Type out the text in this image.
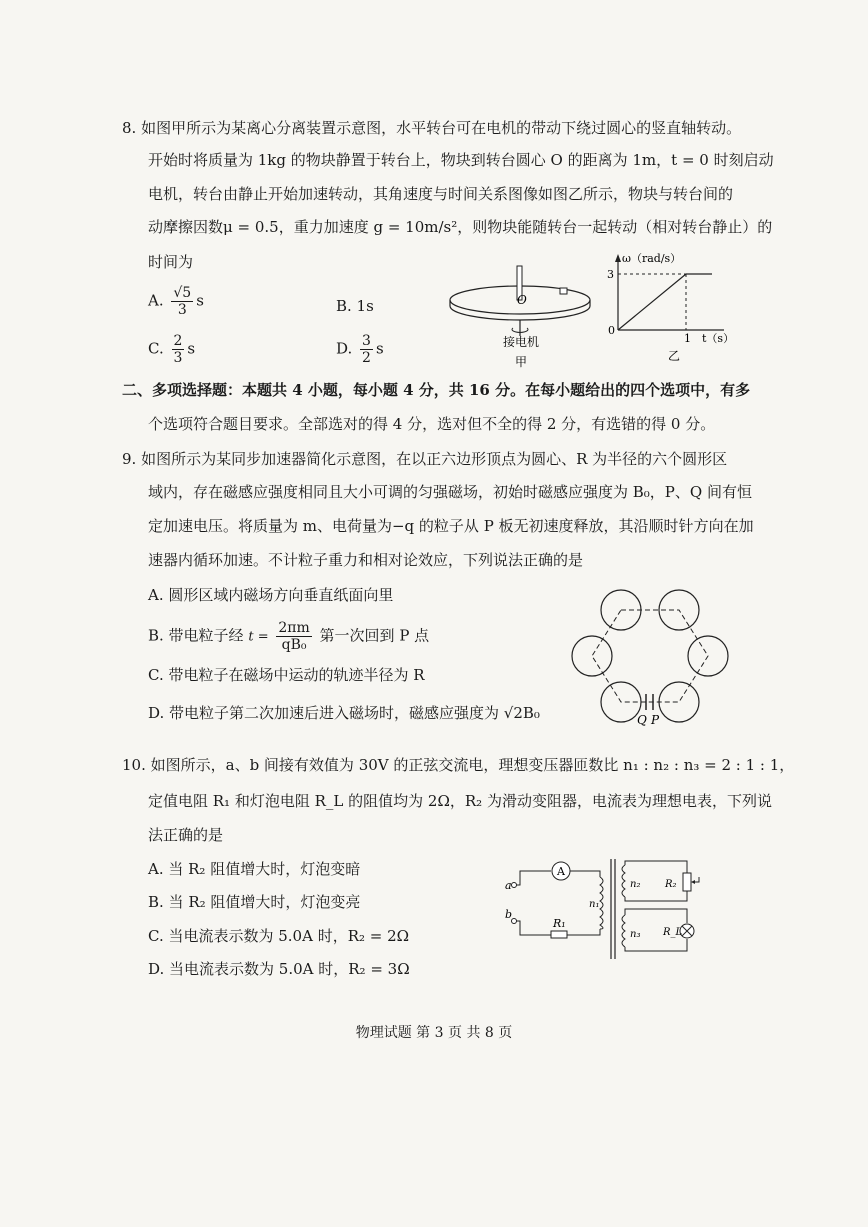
8. 如图甲所示为某离心分离装置示意图，水平转台可在电机的带动下绕过圆心的竖直轴转动。
开始时将质量为 1kg 的物块静置于转台上，物块到转台圆心 O 的距离为 1m，t = 0 时刻启动
电机，转台由静止开始加速转动，其角速度与时间关系图像如图乙所示，物块与转台间的
动摩擦因数μ = 0.5，重力加速度 g = 10m/s²，则物块能随转台一起转动（相对转台静止）的
时间为
A. $\frac{√5}{3}$ s	B. 1s
C. $\frac{2}{3}$ s	D. $\frac{3}{2}$ s
O
接电机
甲
ω（rad/s）
3
0
1 t（s）
乙
二、多项选择题：本题共 4 小题，每小题 4 分，共 16 分。在每小题给出的四个选项中，有多
个选项符合题目要求。全部选对的得 4 分，选对但不全的得 2 分，有选错的得 0 分。
9. 如图所示为某同步加速器简化示意图，在以正六边形顶点为圆心、R 为半径的六个圆形区
域内，存在磁感应强度相同且大小可调的匀强磁场，初始时磁感应强度为 B₀，P、Q 间有恒
定加速电压。将质量为 m、电荷量为−q 的粒子从 P 板无初速度释放，其沿顺时针方向在加
速器内循环加速。不计粒子重力和相对论效应，下列说法正确的是
A. 圆形区域内磁场方向垂直纸面向里
B. 带电粒子经 $t = \frac{2\pi m}{\text{qB₀}}$ 第一次回到 P 点
C. 带电粒子在磁场中运动的轨迹半径为 R
D. 带电粒子第二次加速后进入磁场时，磁感应强度为 √2B₀	Q P
10. 如图所示，a、b 间接有效值为 30V 的正弦交流电，理想变压器匝数比 n₁ : n₂ : n₃ = 2 : 1 : 1，
定值电阻 R₁ 和灯泡电阻 R_L 的阻值均为 2Ω，R₂ 为滑动变阻器，电流表为理想电表，下列说
法正确的是
A. 当 R₂ 阻值增大时，灯泡变暗
B. 当 R₂ 阻值增大时，灯泡变亮
C. 当电流表示数为 5.0A 时，R₂ = 2Ω
D. 当电流表示数为 5.0A 时，R₂ = 3Ω
a
b
A
R₁
n₁
n₂ R₂
n₃ R_L
物理试题 第 3 页 共 8 页
